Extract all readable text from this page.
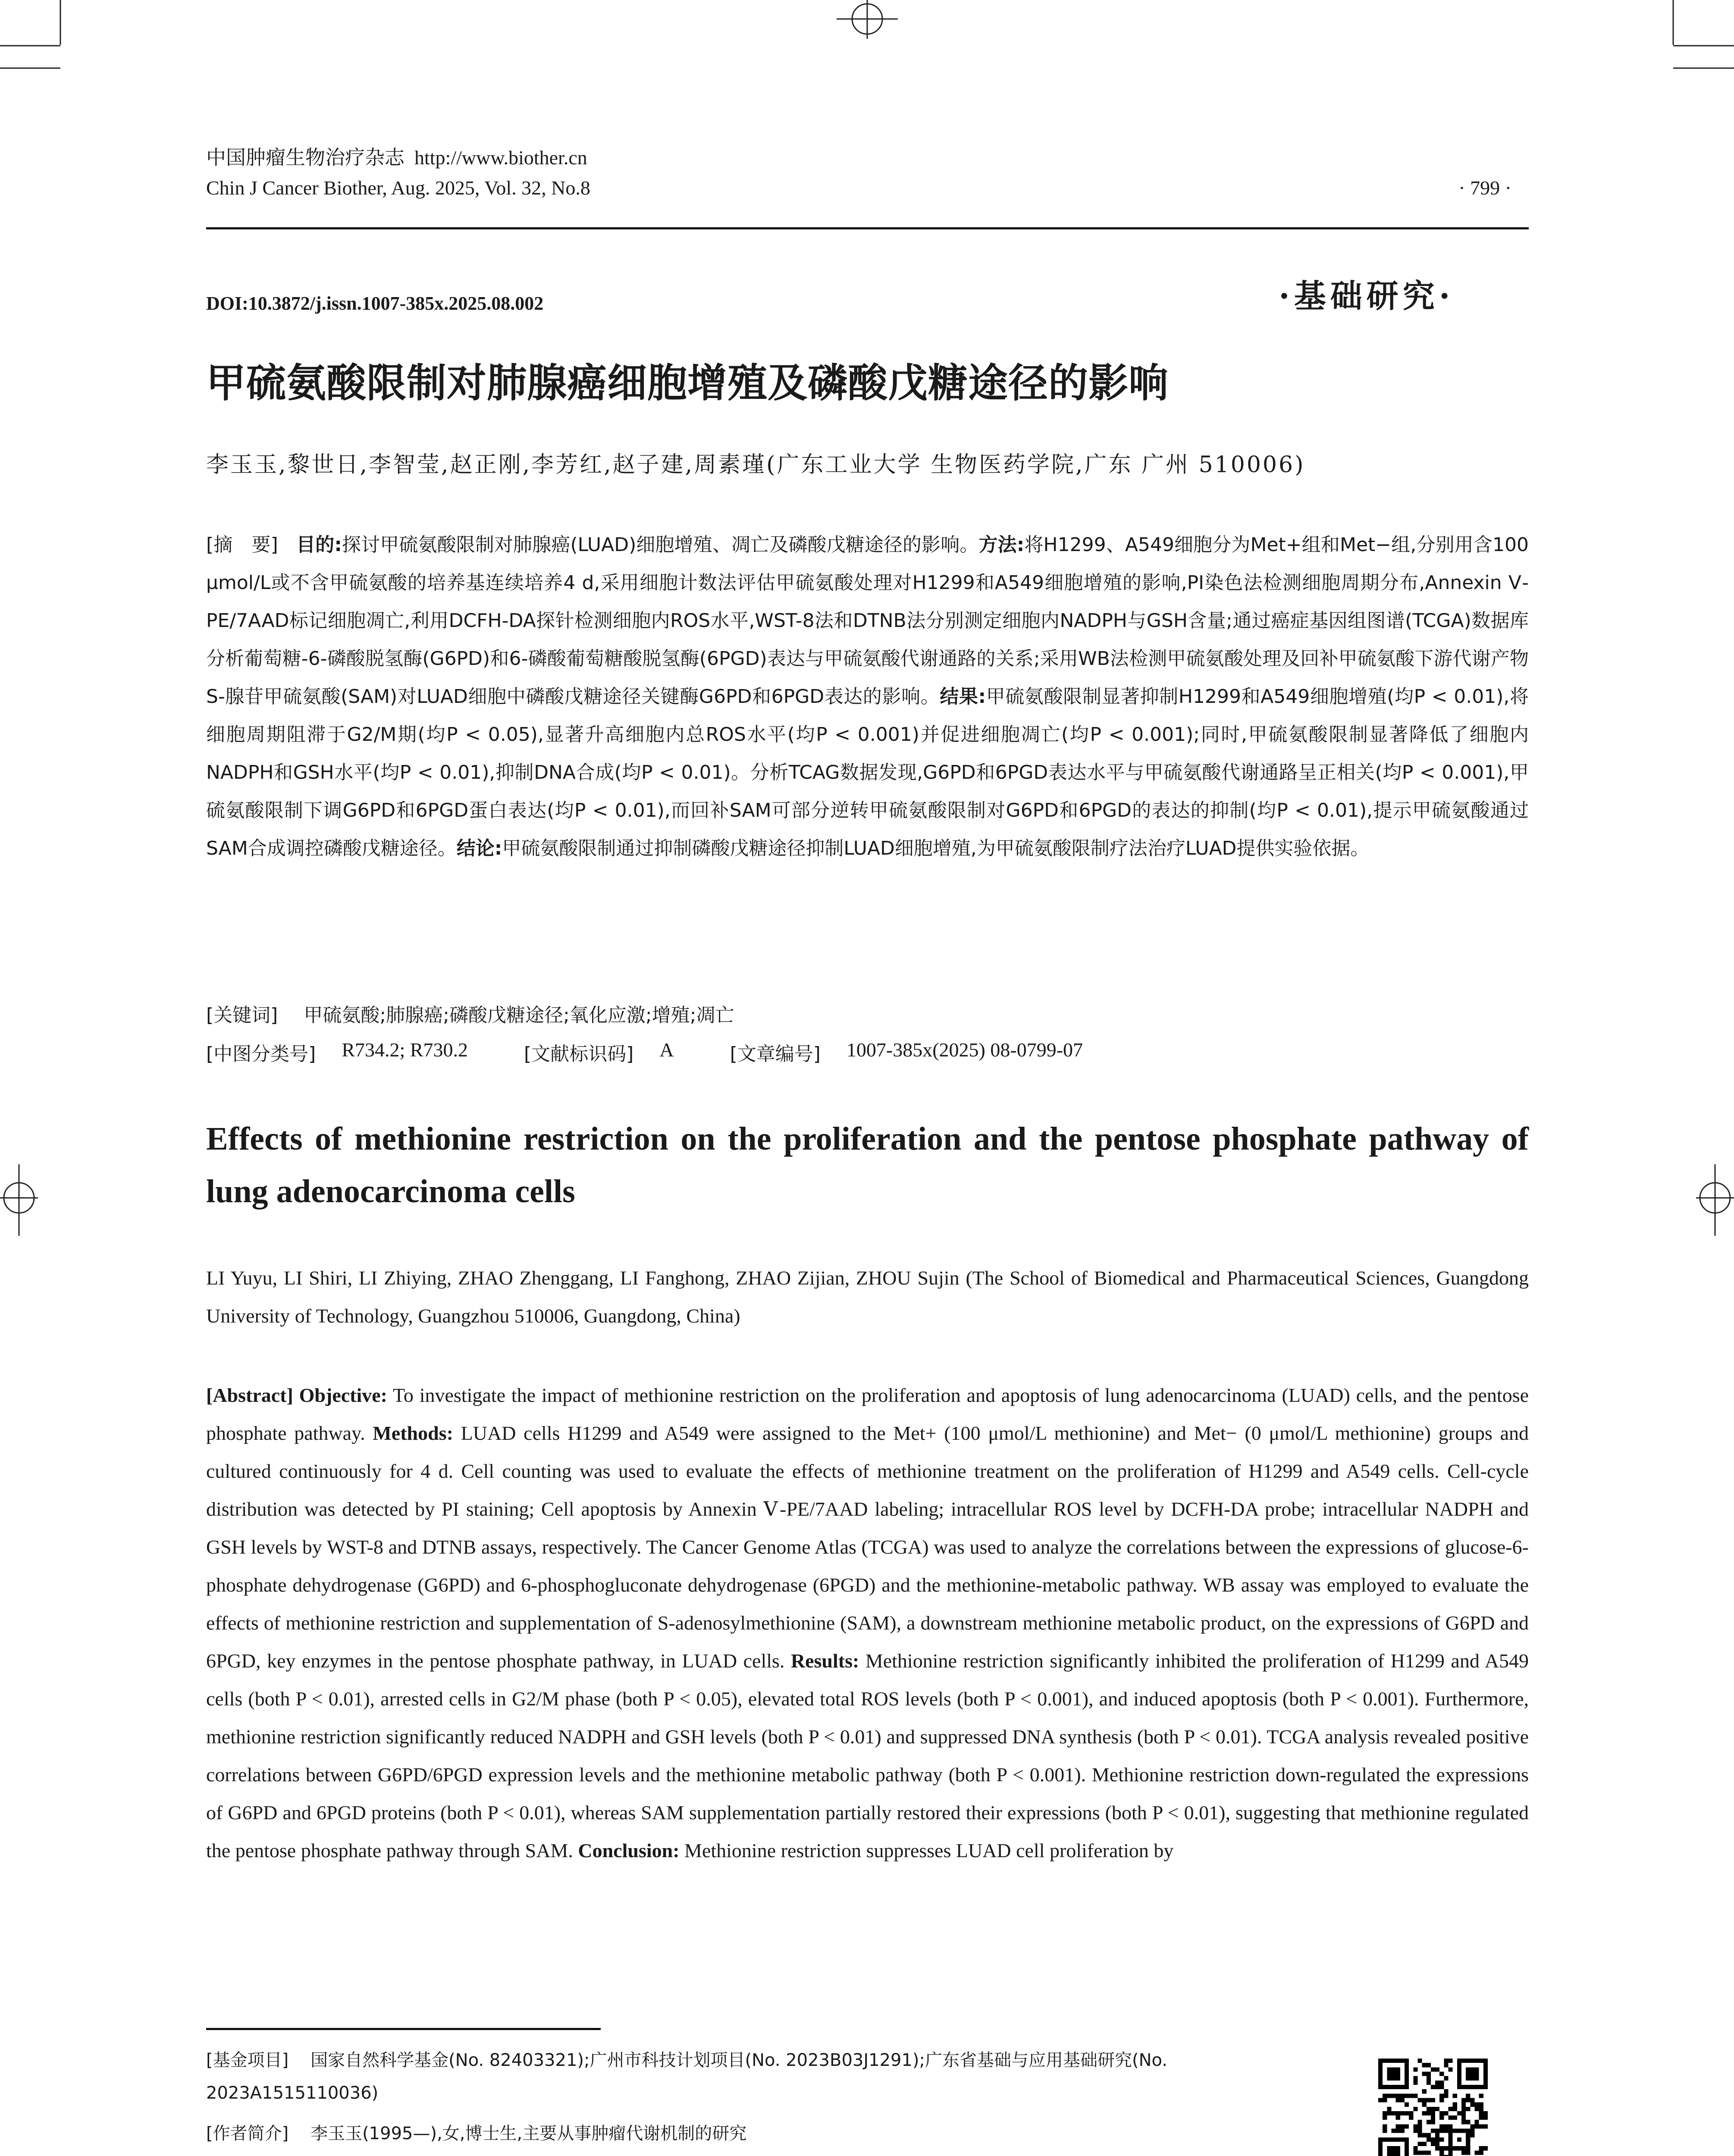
中国肿瘤生物治疗杂志 http://www.biother.cn
Chin J Cancer Biother, Aug. 2025, Vol. 32, No.8	· 799 ·
DOI:10.3872/j.issn.1007-385x.2025.08.002	·基础研究·
甲硫氨酸限制对肺腺癌细胞增殖及磷酸戊糖途径的影响
李玉玉,黎世日,李智莹,赵正刚,李芳红,赵子建,周素瑾(广东工业大学 生物医药学院,广东 广州 510006)
[摘　要] 目的:探讨甲硫氨酸限制对肺腺癌(LUAD)细胞增殖、凋亡及磷酸戊糖途径的影响。方法:将H1299、A549细胞分为Met+组和Met−组,分别用含100 μmol/L或不含甲硫氨酸的培养基连续培养4 d,采用细胞计数法评估甲硫氨酸处理对H1299和A549细胞增殖的影响,PI染色法检测细胞周期分布,Annexin Ⅴ-PE/7AAD标记细胞凋亡,利用DCFH-DA探针检测细胞内ROS水平,WST-8法和DTNB法分别测定细胞内NADPH与GSH含量;通过癌症基因组图谱(TCGA)数据库分析葡萄糖-6-磷酸脱氢酶(G6PD)和6-磷酸葡萄糖酸脱氢酶(6PGD)表达与甲硫氨酸代谢通路的关系;采用WB法检测甲硫氨酸处理及回补甲硫氨酸下游代谢产物S-腺苷甲硫氨酸(SAM)对LUAD细胞中磷酸戊糖途径关键酶G6PD和6PGD表达的影响。结果:甲硫氨酸限制显著抑制H1299和A549细胞增殖(均P < 0.01),将细胞周期阻滞于G2/M期(均P < 0.05),显著升高细胞内总ROS水平(均P < 0.001)并促进细胞凋亡(均P < 0.001);同时,甲硫氨酸限制显著降低了细胞内NADPH和GSH水平(均P < 0.01),抑制DNA合成(均P < 0.01)。分析TCAG数据发现,G6PD和6PGD表达水平与甲硫氨酸代谢通路呈正相关(均P < 0.001),甲硫氨酸限制下调G6PD和6PGD蛋白表达(均P < 0.01),而回补SAM可部分逆转甲硫氨酸限制对G6PD和6PGD的表达的抑制(均P < 0.01),提示甲硫氨酸通过SAM合成调控磷酸戊糖途径。结论:甲硫氨酸限制通过抑制磷酸戊糖途径抑制LUAD细胞增殖,为甲硫氨酸限制疗法治疗LUAD提供实验依据。
[关键词] 甲硫氨酸;肺腺癌;磷酸戊糖途径;氧化应激;增殖;凋亡
[中图分类号] R734.2; R730.2	[文献标识码] A	[文章编号] 1007-385x(2025) 08-0799-07
Effects of methionine restriction on the proliferation and the pentose phosphate pathway of lung adenocarcinoma cells
LI Yuyu, LI Shiri, LI Zhiying, ZHAO Zhenggang, LI Fanghong, ZHAO Zijian, ZHOU Sujin (The School of Biomedical and Pharmaceutical Sciences, Guangdong University of Technology, Guangzhou 510006, Guangdong, China)
[Abstract] Objective: To investigate the impact of methionine restriction on the proliferation and apoptosis of lung adenocarcinoma (LUAD) cells, and the pentose phosphate pathway. Methods: LUAD cells H1299 and A549 were assigned to the Met+ (100 μmol/L methionine) and Met− (0 μmol/L methionine) groups and cultured continuously for 4 d. Cell counting was used to evaluate the effects of methionine treatment on the proliferation of H1299 and A549 cells. Cell-cycle distribution was detected by PI staining; Cell apoptosis by Annexin Ⅴ-PE/7AAD labeling; intracellular ROS level by DCFH-DA probe; intracellular NADPH and GSH levels by WST-8 and DTNB assays, respectively. The Cancer Genome Atlas (TCGA) was used to analyze the correlations between the expressions of glucose-6-phosphate dehydrogenase (G6PD) and 6-phosphogluconate dehydrogenase (6PGD) and the methionine-metabolic pathway. WB assay was employed to evaluate the effects of methionine restriction and supplementation of S-adenosylmethionine (SAM), a downstream methionine metabolic product, on the expressions of G6PD and 6PGD, key enzymes in the pentose phosphate pathway, in LUAD cells. Results: Methionine restriction significantly inhibited the proliferation of H1299 and A549 cells (both P < 0.01), arrested cells in G2/M phase (both P < 0.05), elevated total ROS levels (both P < 0.001), and induced apoptosis (both P < 0.001). Furthermore, methionine restriction significantly reduced NADPH and GSH levels (both P < 0.01) and suppressed DNA synthesis (both P < 0.01). TCGA analysis revealed positive correlations between G6PD/6PGD expression levels and the methionine metabolic pathway (both P < 0.001). Methionine restriction down-regulated the expressions of G6PD and 6PGD proteins (both P < 0.01), whereas SAM supplementation partially restored their expressions (both P < 0.01), suggesting that methionine regulated the pentose phosphate pathway through SAM. Conclusion: Methionine restriction suppresses LUAD cell proliferation by
[基金项目] 国家自然科学基金(No. 82403321);广州市科技计划项目(No. 2023B03J1291);广东省基础与应用基础研究(No. 2023A1515110036)
[作者简介] 李玉玉(1995—),女,博士生,主要从事肿瘤代谢机制的研究
